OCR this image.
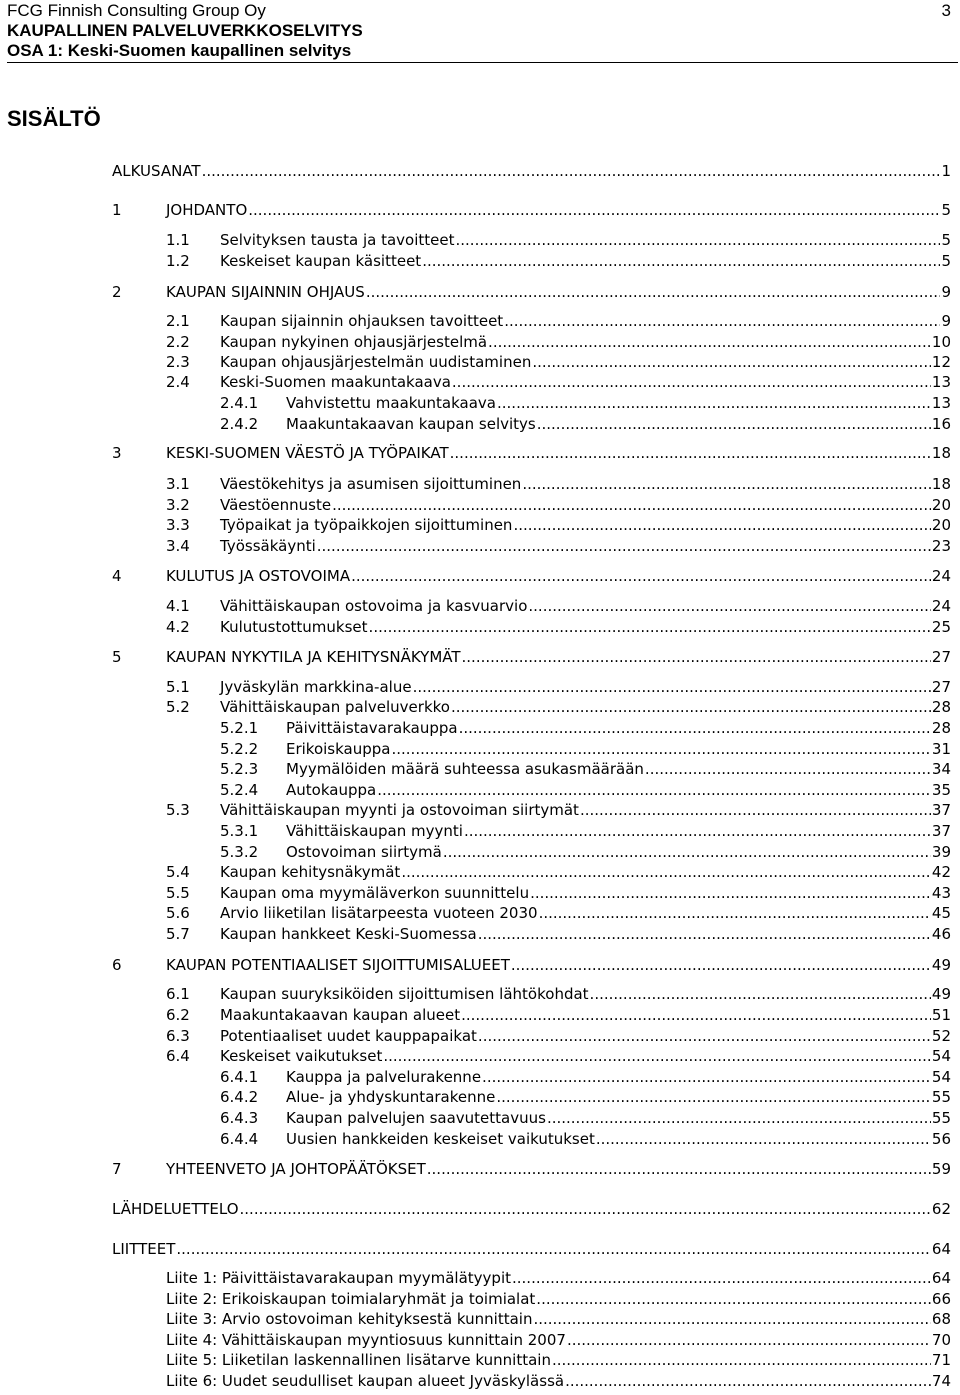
FCG Finnish Consulting Group Oy
KAUPALLINEN PALVELUVERKKOSELVITYS
OSA 1: Keski-Suomen kaupallinen selvitys
3
SISÄLTÖ
ALKUSANAT .....	1
1	JOHDANTO .....	5
1.1	Selvityksen tausta ja tavoitteet .....	5
1.2	Keskeiset kaupan käsitteet .....	5
2	KAUPAN SIJAINNIN OHJAUS .....	9
2.1	Kaupan sijainnin ohjauksen tavoitteet .....	9
2.2	Kaupan nykyinen ohjausjärjestelmä .....	10
2.3	Kaupan ohjausjärjestelmän uudistaminen .....	12
2.4	Keski-Suomen maakuntakaava .....	13
2.4.1	Vahvistettu maakuntakaava .....	13
2.4.2	Maakuntakaavan kaupan selvitys .....	16
3	KESKI-SUOMEN VÄESTÖ JA TYÖPAIKAT .....	18
3.1	Väestökehitys ja asumisen sijoittuminen .....	18
3.2	Väestöennuste .....	20
3.3	Työpaikat ja työpaikkojen sijoittuminen .....	20
3.4	Työssäkäynti .....	23
4	KULUTUS JA OSTOVOIMA .....	24
4.1	Vähittäiskaupan ostovoima ja kasvuarvio .....	24
4.2	Kulutustottumukset .....	25
5	KAUPAN NYKYTILA JA KEHITYSNÄKYMÄT .....	27
5.1	Jyväskylän markkina-alue .....	27
5.2	Vähittäiskaupan palveluverkko .....	28
5.2.1	Päivittäistavarakauppa .....	28
5.2.2	Erikoiskauppa .....	31
5.2.3	Myymälöiden määrä suhteessa asukasmäärään .....	34
5.2.4	Autokauppa .....	35
5.3	Vähittäiskaupan myynti ja ostovoiman siirtymät .....	37
5.3.1	Vähittäiskaupan myynti .....	37
5.3.2	Ostovoiman siirtymä .....	39
5.4	Kaupan kehitysnäkymät .....	42
5.5	Kaupan oma myymäläverkon suunnittelu .....	43
5.6	Arvio liiketilan lisätarpeesta vuoteen 2030 .....	45
5.7	Kaupan hankkeet Keski-Suomessa .....	46
6	KAUPAN POTENTIAALISET SIJOITTUMISALUEET .....	49
6.1	Kaupan suuryksiköiden sijoittumisen lähtökohdat .....	49
6.2	Maakuntakaavan kaupan alueet .....	51
6.3	Potentiaaliset uudet kauppapaikat .....	52
6.4	Keskeiset vaikutukset .....	54
6.4.1	Kauppa ja palvelurakenne .....	54
6.4.2	Alue- ja yhdyskuntarakenne .....	55
6.4.3	Kaupan palvelujen saavutettavuus .....	55
6.4.4	Uusien hankkeiden keskeiset vaikutukset .....	56
7	YHTEENVETO JA JOHTOPÄÄTÖKSET .....	59
LÄHDELUETTELO .....	62
LIITTEET .....	64
Liite 1: Päivittäistavarakaupan myymälätyypit .....	64
Liite 2: Erikoiskaupan toimialaryhmät ja toimialat .....	66
Liite 3: Arvio ostovoiman kehityksestä kunnittain .....	68
Liite 4: Vähittäiskaupan myyntiosuus kunnittain 2007 .....	70
Liite 5: Liiketilan laskennallinen lisätarve kunnittain .....	71
Liite 6: Uudet seudulliset kaupan alueet Jyväskylässä .....	74
